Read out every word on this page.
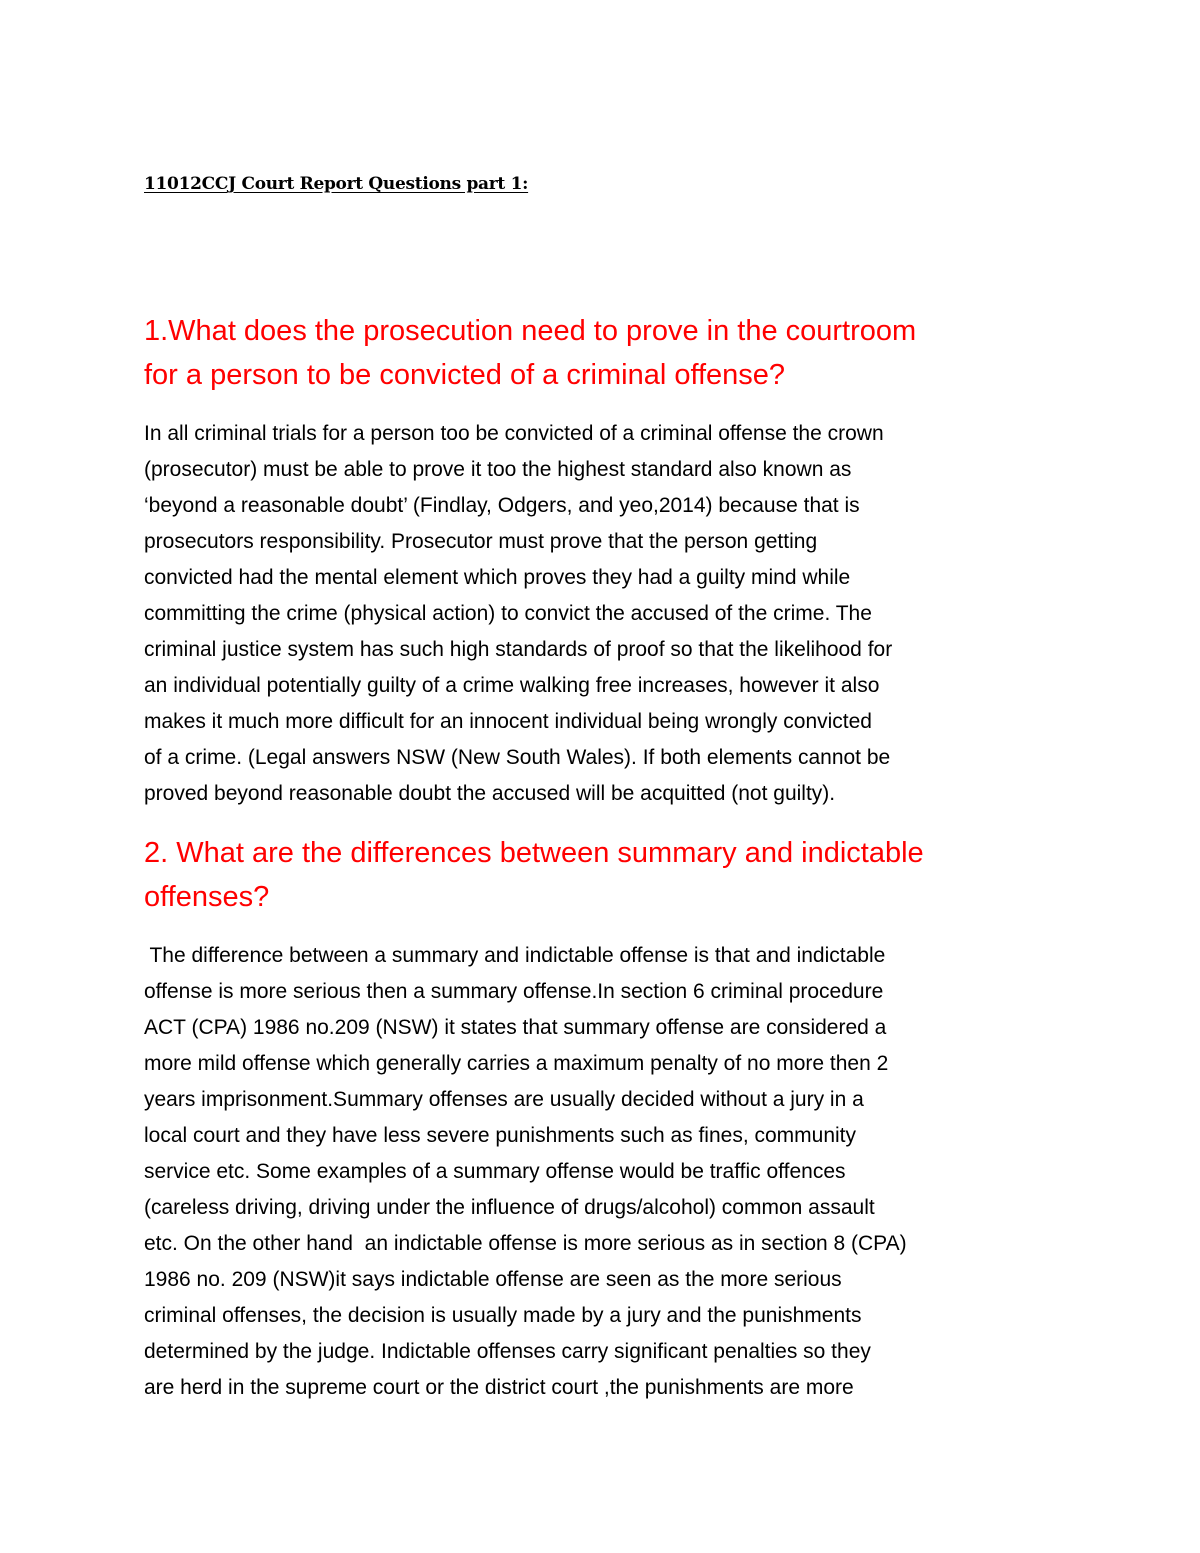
11012CCJ Court Report Questions part 1:
1.What does the prosecution need to prove in the courtroom
for a person to be convicted of a criminal offense?

In all criminal trials for a person too be convicted of a criminal offense the crown
(prosecutor) must be able to prove it too the highest standard also known as
‘beyond a reasonable doubt’ (Findlay, Odgers, and yeo,2014) because that is
prosecutors responsibility. Prosecutor must prove that the person getting
convicted had the mental element which proves they had a guilty mind while
committing the crime (physical action) to convict the accused of the crime. The
criminal justice system has such high standards of proof so that the likelihood for
an individual potentially guilty of a crime walking free increases, however it also
makes it much more difficult for an innocent individual being wrongly convicted
of a crime. (Legal answers NSW (New South Wales). If both elements cannot be
proved beyond reasonable doubt the accused will be acquitted (not guilty).

2. What are the differences between summary and indictable
offenses?

The difference between a summary and indictable offense is that and indictable
offense is more serious then a summary offense.In section 6 criminal procedure
ACT (CPA) 1986 no.209 (NSW) it states that summary offense are considered a
more mild offense which generally carries a maximum penalty of no more then 2
years imprisonment.Summary offenses are usually decided without a jury in a
local court and they have less severe punishments such as fines, community
service etc. Some examples of a summary offense would be traffic offences
(careless driving, driving under the influence of drugs/alcohol) common assault
etc. On the other hand  an indictable offense is more serious as in section 8 (CPA)
1986 no. 209 (NSW)it says indictable offense are seen as the more serious
criminal offenses, the decision is usually made by a jury and the punishments
determined by the judge. Indictable offenses carry significant penalties so they
are herd in the supreme court or the district court ,the punishments are more
